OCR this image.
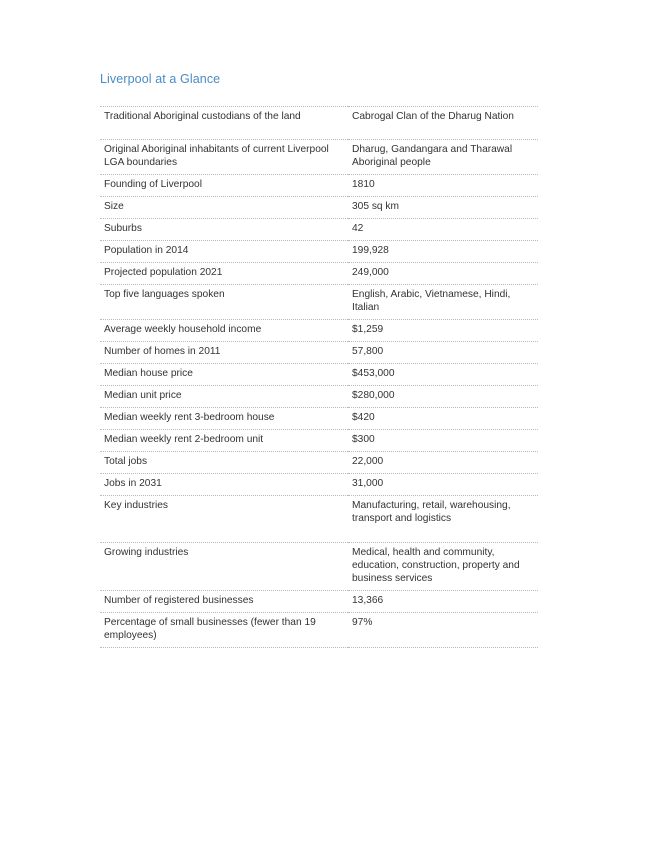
Liverpool at a Glance
Traditional Aboriginal custodians of the land	Cabrogal Clan of the Dharug Nation
Original Aboriginal inhabitants of current Liverpool LGA boundaries	Dharug, Gandangara and Tharawal Aboriginal people
Founding of Liverpool	1810
Size	305 sq km
Suburbs	42
Population in 2014	199,928
Projected population 2021	249,000
Top five languages spoken	English, Arabic, Vietnamese, Hindi, Italian
Average weekly household income	$1,259
Number of homes in 2011	57,800
Median house price	$453,000
Median unit price	$280,000
Median weekly rent 3-bedroom house	$420
Median weekly rent 2-bedroom unit	$300
Total jobs	22,000
Jobs in 2031	31,000
Key industries	Manufacturing, retail, warehousing, transport and logistics
Growing industries	Medical, health and community, education, construction, property and business services
Number of registered businesses	13,366
Percentage of small businesses (fewer than 19 employees)	97%
